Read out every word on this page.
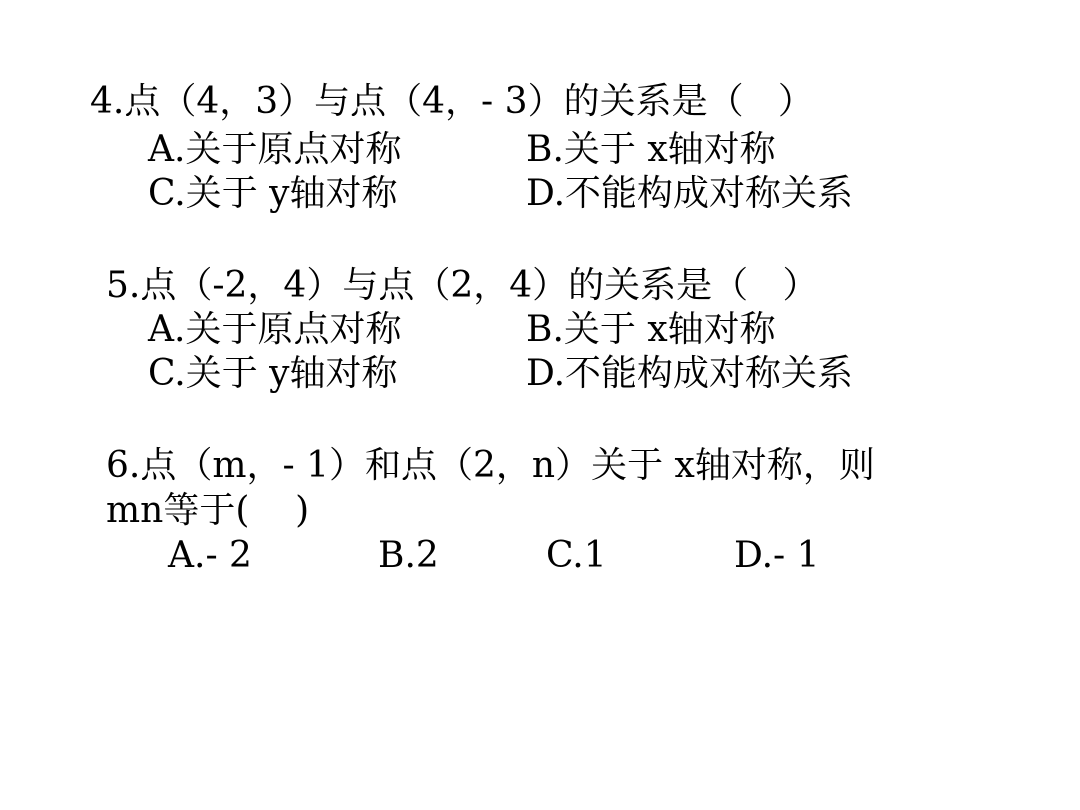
4.点（4，3）与点（4，- 3）的关系是（   ）
A.关于原点对称	B.关于 x轴对称
C.关于 y轴对称	D.不能构成对称关系
5.点（-2，4）与点（2，4）的关系是（   ）
A.关于原点对称	B.关于 x轴对称
C.关于 y轴对称	D.不能构成对称关系
6.点（m，- 1）和点（2，n）关于 x轴对称，则
mn等于(    )
A.- 2	B.2	C.1	D.- 1
